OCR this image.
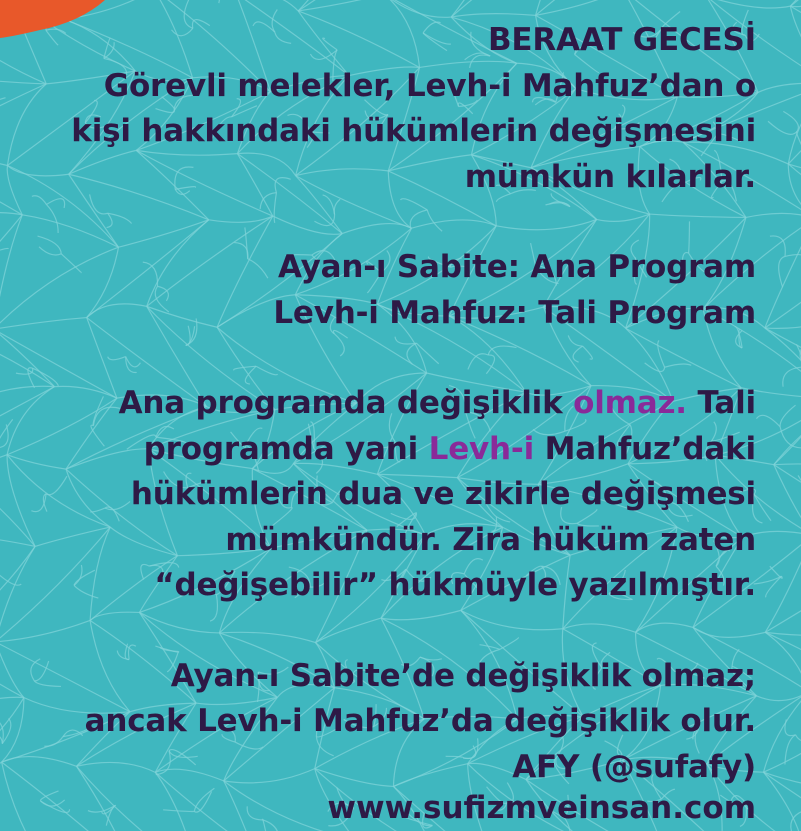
BERAAT GECESİ
Görevli melekler, Levh-i Mahfuz’dan o
kişi hakkındaki hükümlerin değişmesini
mümkün kılarlar.
Ayan-ı Sabite: Ana Program
Levh-i Mahfuz: Tali Program
Ana programda değişiklik olmaz. Tali
programda yani Levh-i Mahfuz’daki
hükümlerin dua ve zikirle değişmesi
mümkündür. Zira hüküm zaten
“değişebilir” hükmüyle yazılmıştır.
Ayan-ı Sabite’de değişiklik olmaz;
ancak Levh-i Mahfuz’da değişiklik olur.
AFY (@sufafy)
www.sufizmveinsan.com
